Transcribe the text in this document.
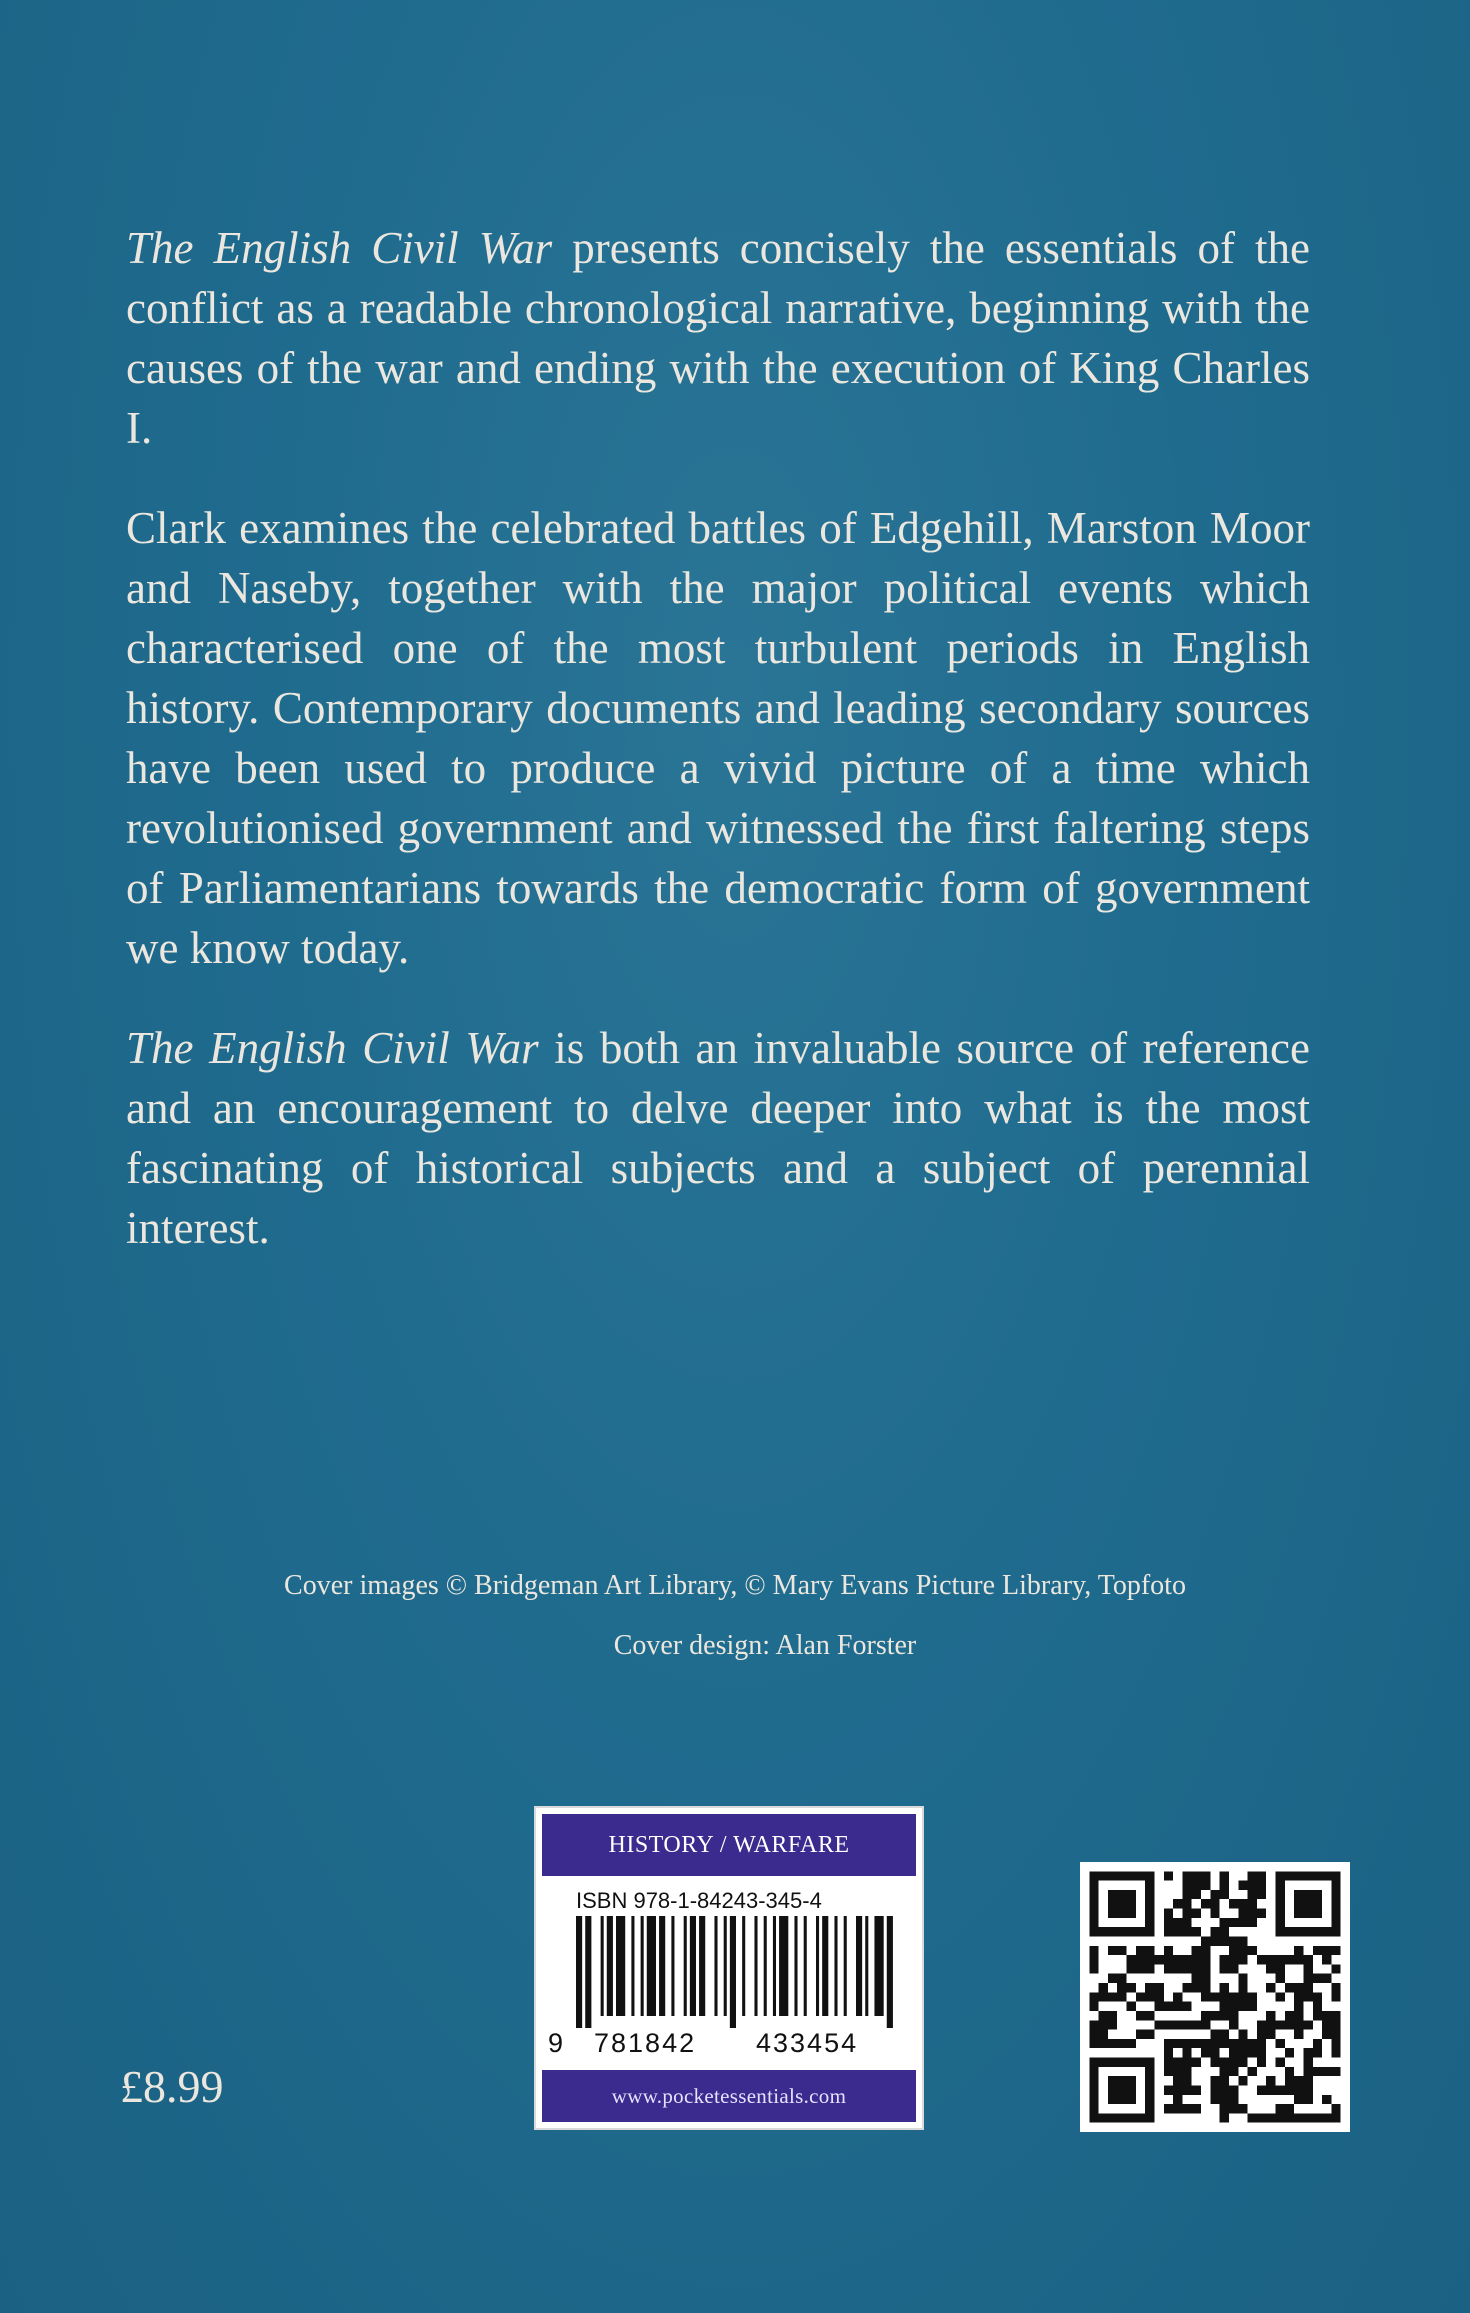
The English Civil War presents concisely the essentials of the conflict as a readable chronological narrative, beginning with the causes of the war and ending with the execution of King Charles I.

Clark examines the celebrated battles of Edgehill, Marston Moor and Naseby, together with the major political events which characterised one of the most turbulent periods in English history. Contemporary documents and leading secondary sources have been used to produce a vivid picture of a time which revolutionised government and witnessed the first faltering steps of Parliamentarians towards the democratic form of government we know today.

The English Civil War is both an invaluable source of reference and an encouragement to delve deeper into what is the most fascinating of historical subjects and a subject of perennial interest.

Cover images © Bridgeman Art Library, © Mary Evans Picture Library, Topfoto
Cover design: Alan Forster
HISTORY / WARFARE
ISBN 978-1-84243-345-4
9 781842 433454
www.pocketessentials.com
£8.99
